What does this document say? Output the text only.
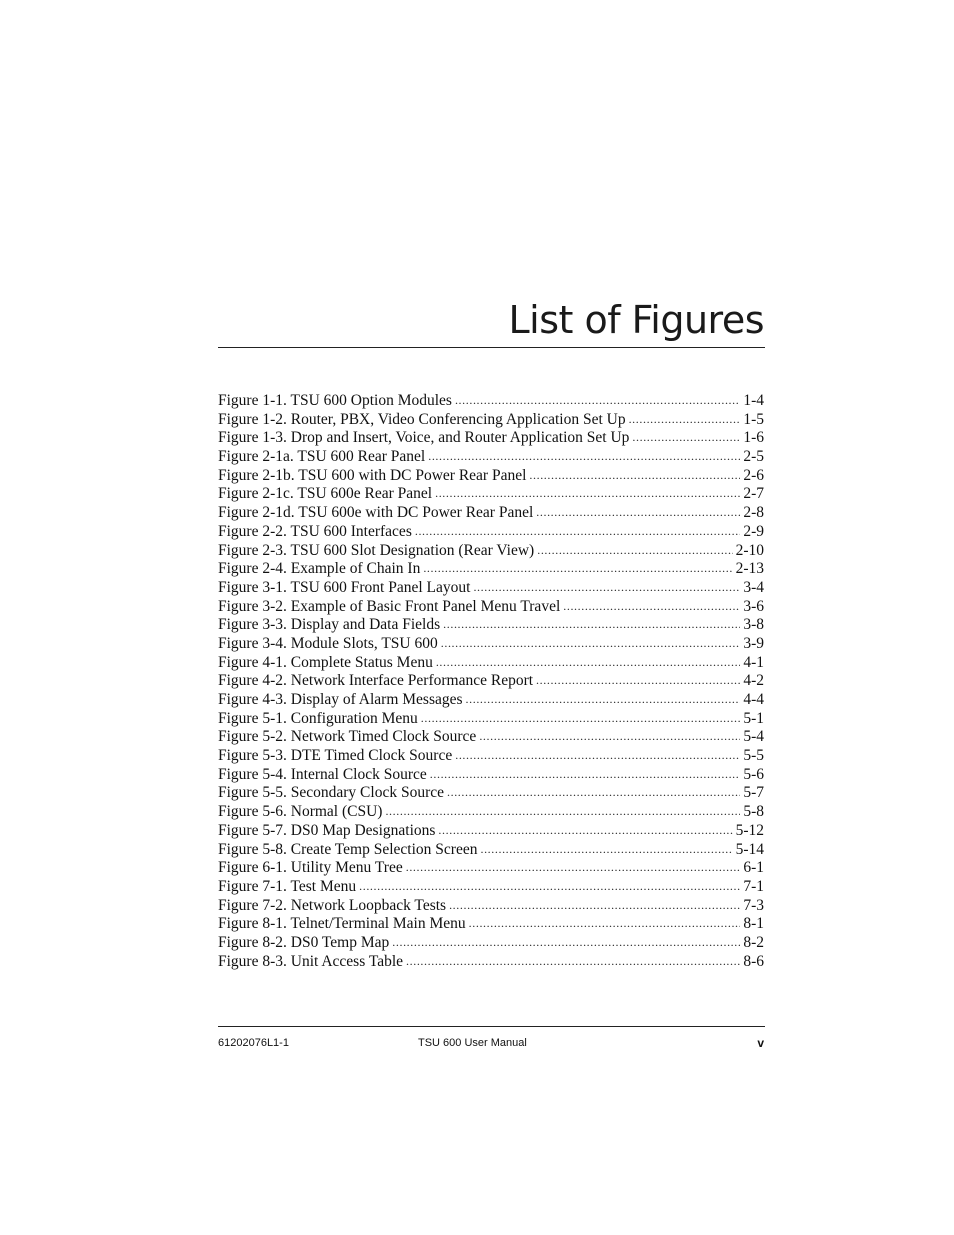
List of Figures
Figure 1-1. TSU 600 Option Modules .....	1-4
Figure 1-2. Router, PBX, Video Conferencing Application Set Up .....	1-5
Figure 1-3. Drop and Insert, Voice, and Router Application Set Up .....	1-6
Figure 2-1a. TSU 600 Rear Panel .....	2-5
Figure 2-1b. TSU 600 with DC Power Rear Panel .....	2-6
Figure 2-1c. TSU 600e Rear Panel .....	2-7
Figure 2-1d. TSU 600e with DC Power Rear Panel .....	2-8
Figure 2-2. TSU 600 Interfaces .....	2-9
Figure 2-3. TSU 600 Slot Designation (Rear View) .....	2-10
Figure 2-4. Example of Chain In .....	2-13
Figure 3-1. TSU 600 Front Panel Layout .....	3-4
Figure 3-2. Example of Basic Front Panel Menu Travel .....	3-6
Figure 3-3. Display and Data Fields .....	3-8
Figure 3-4. Module Slots, TSU 600 .....	3-9
Figure 4-1. Complete Status Menu .....	4-1
Figure 4-2. Network Interface Performance Report .....	4-2
Figure 4-3. Display of Alarm Messages .....	4-4
Figure 5-1. Configuration Menu .....	5-1
Figure 5-2. Network Timed Clock Source .....	5-4
Figure 5-3. DTE Timed Clock Source .....	5-5
Figure 5-4. Internal Clock Source .....	5-6
Figure 5-5. Secondary Clock Source .....	5-7
Figure 5-6. Normal (CSU) .....	5-8
Figure 5-7. DS0 Map Designations .....	5-12
Figure 5-8. Create Temp Selection Screen .....	5-14
Figure 6-1. Utility Menu Tree .....	6-1
Figure 7-1. Test Menu .....	7-1
Figure 7-2. Network Loopback Tests .....	7-3
Figure 8-1. Telnet/Terminal Main Menu .....	8-1
Figure 8-2. DS0 Temp Map .....	8-2
Figure 8-3. Unit Access Table .....	8-6
61202076L1-1	TSU 600 User Manual	v
